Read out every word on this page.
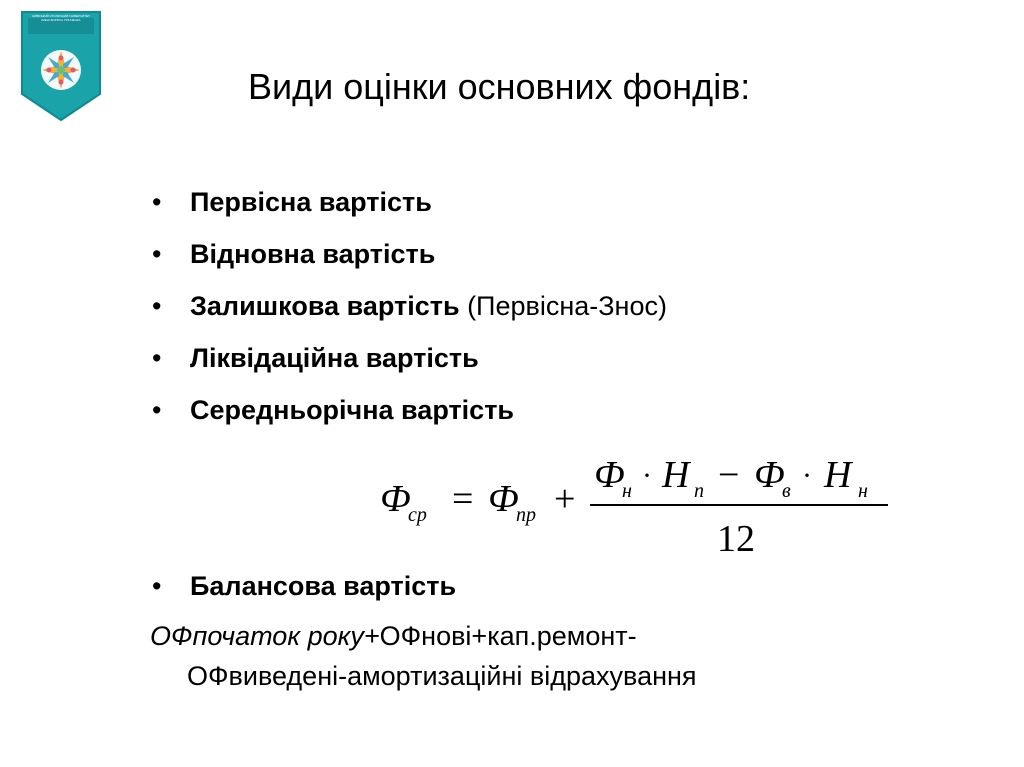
КИЇВСЬКИЙ СТОЛИЧНИЙ УНІВЕРСИТЕТ
ІМЕНІ БОРИСА ГРІНЧЕНКА
Види оцінки основних фондів:
• Первісна вартість
• Відновна вартість
• Залишкова вартість (Первісна-Знос)
• Ліквідаційна вартість
• Середньорічна вартість
Ф
ср = Ф
пр +
Ф
н · Н п − Ф
в · Н н
12
• Балансова вартість
ОФпочаток року+ОФнові+кап.ремонт-
ОФвиведені-амортизаційні відрахування
